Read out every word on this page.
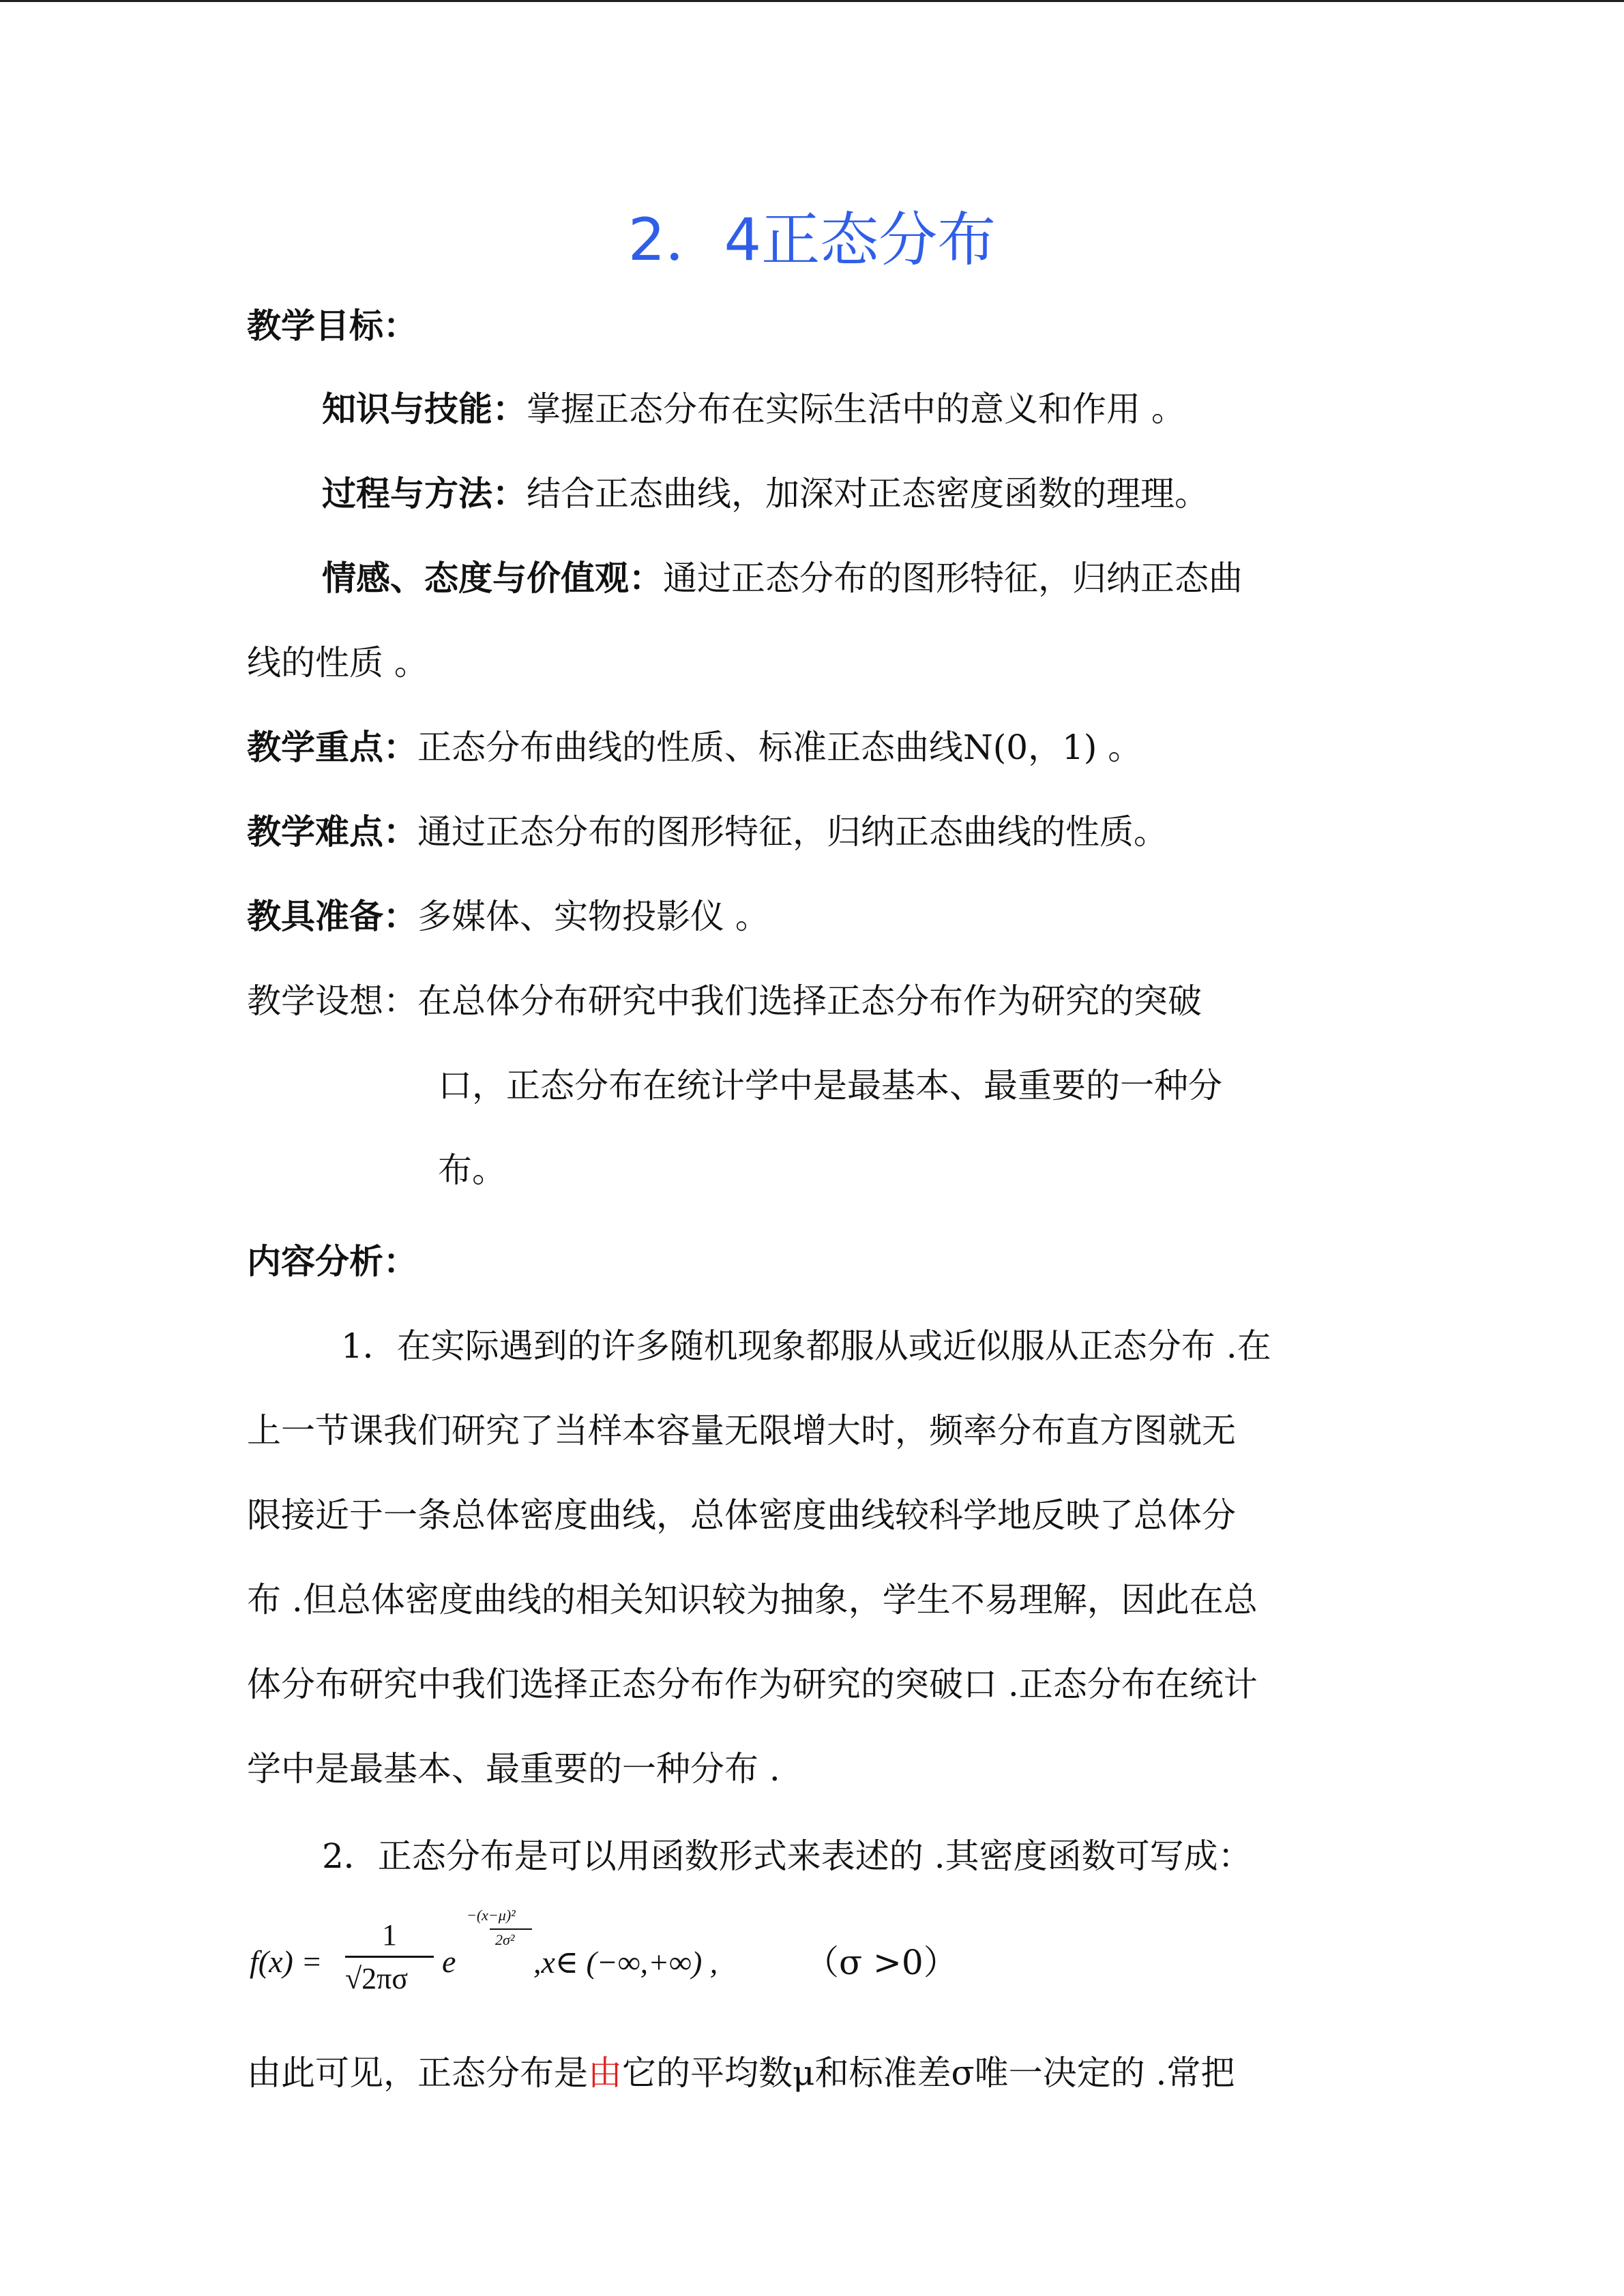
2．4正态分布
教学目标：
知识与技能：掌握正态分布在实际生活中的意义和作用 。
过程与方法：结合正态曲线，加深对正态密度函数的理理。
情感、态度与价值观：通过正态分布的图形特征，归纳正态曲
线的性质 。
教学重点：正态分布曲线的性质、标准正态曲线N(0，1) 。
教学难点：通过正态分布的图形特征，归纳正态曲线的性质。
教具准备：多媒体、实物投影仪 。
教学设想：在总体分布研究中我们选择正态分布作为研究的突破
口，正态分布在统计学中是最基本、最重要的一种分
布。
内容分析：
1．在实际遇到的许多随机现象都服从或近似服从正态分布 .在
上一节课我们研究了当样本容量无限增大时，频率分布直方图就无
限接近于一条总体密度曲线，总体密度曲线较科学地反映了总体分
布 .但总体密度曲线的相关知识较为抽象，学生不易理解，因此在总
体分布研究中我们选择正态分布作为研究的突破口 .正态分布在统计
学中是最基本、最重要的一种分布 .
2．正态分布是可以用函数形式来表述的 .其密度函数可写成：
f(x) =
1
√2πσ	e
−(x−μ)²
2σ²
,x∈ (−∞,+∞) ,	（σ >0）
由此可见，正态分布是由它的平均数μ和标准差σ唯一决定的 .常把
